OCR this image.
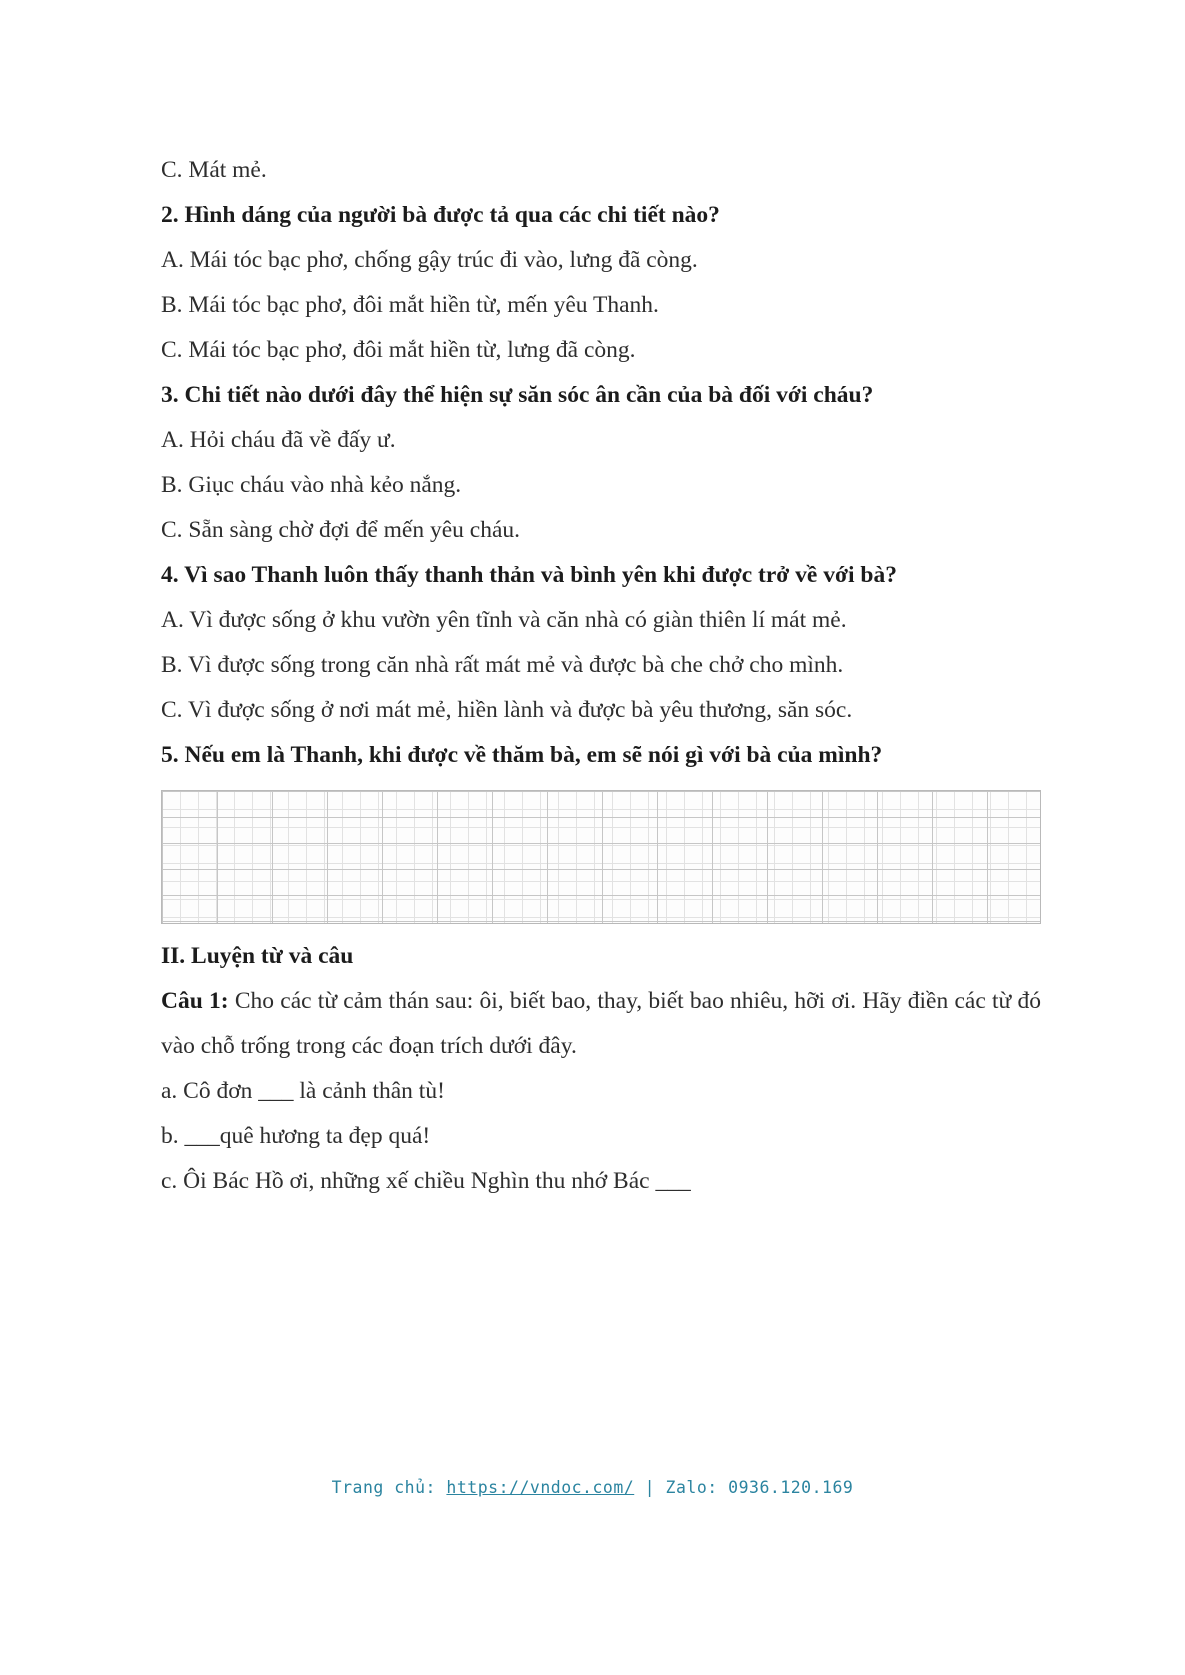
C. Mát mẻ.

2. Hình dáng của người bà được tả qua các chi tiết nào?

A. Mái tóc bạc phơ, chống gậy trúc đi vào, lưng đã còng.

B. Mái tóc bạc phơ, đôi mắt hiền từ, mến yêu Thanh.

C. Mái tóc bạc phơ, đôi mắt hiền từ, lưng đã còng.

3. Chi tiết nào dưới đây thể hiện sự săn sóc ân cần của bà đối với cháu?

A. Hỏi cháu đã về đấy ư.

B. Giục cháu vào nhà kẻo nắng.

C. Sẵn sàng chờ đợi để mến yêu cháu.

4. Vì sao Thanh luôn thấy thanh thản và bình yên khi được trở về với bà?

A. Vì được sống ở khu vườn yên tĩnh và căn nhà có giàn thiên lí mát mẻ.

B. Vì được sống trong căn nhà rất mát mẻ và được bà che chở cho mình.

C. Vì được sống ở nơi mát mẻ, hiền lành và được bà yêu thương, săn sóc.

5. Nếu em là Thanh, khi được về thăm bà, em sẽ nói gì với bà của mình?

II. Luyện từ và câu

Câu 1: Cho các từ cảm thán sau: ôi, biết bao, thay, biết bao nhiêu, hỡi ơi. Hãy điền các từ đó vào chỗ trống trong các đoạn trích dưới đây.

a. Cô đơn ___ là cảnh thân tù!

b. ___quê hương ta đẹp quá!

c. Ôi Bác Hồ ơi, những xế chiều Nghìn thu nhớ Bác ___

Trang chủ: https://vndoc.com/ | Zalo: 0936.120.169
